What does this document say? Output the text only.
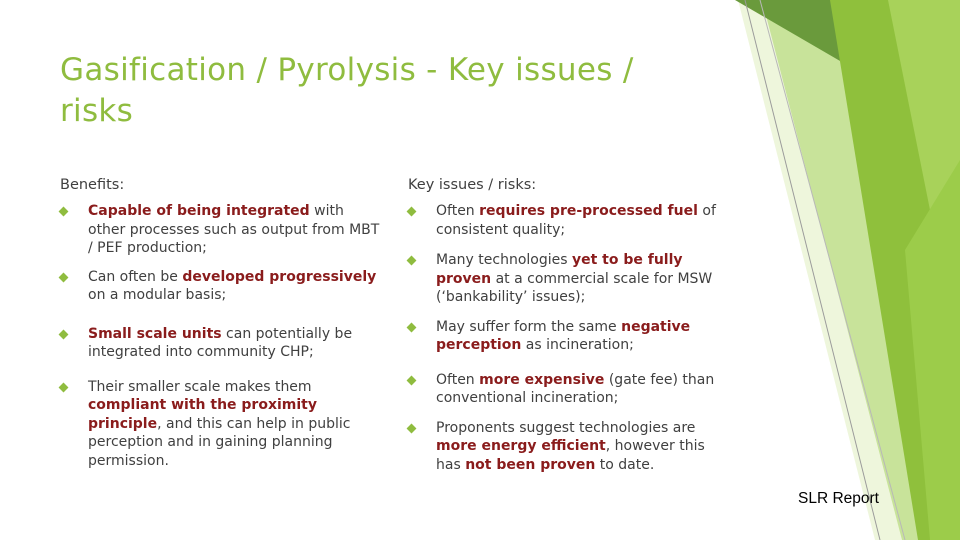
Gasification / Pyrolysis - Key issues / risks
Benefits:
Capable of being integrated with other processes such as output from MBT / PEF production;
Can often be developed progressively on a modular basis;
Small scale units can potentially be integrated into community CHP;
Their smaller scale makes them compliant with the proximity principle, and this can help in public perception and in gaining planning permission.
Key issues / risks:
Often requires pre-processed fuel of consistent quality;
Many technologies yet to be fully proven at a commercial scale for MSW (‘bankability’ issues);
May suffer form the same negative perception as incineration;
Often more expensive (gate fee) than conventional incineration;
Proponents suggest technologies are more energy efficient, however this has not been proven to date.
SLR Report
